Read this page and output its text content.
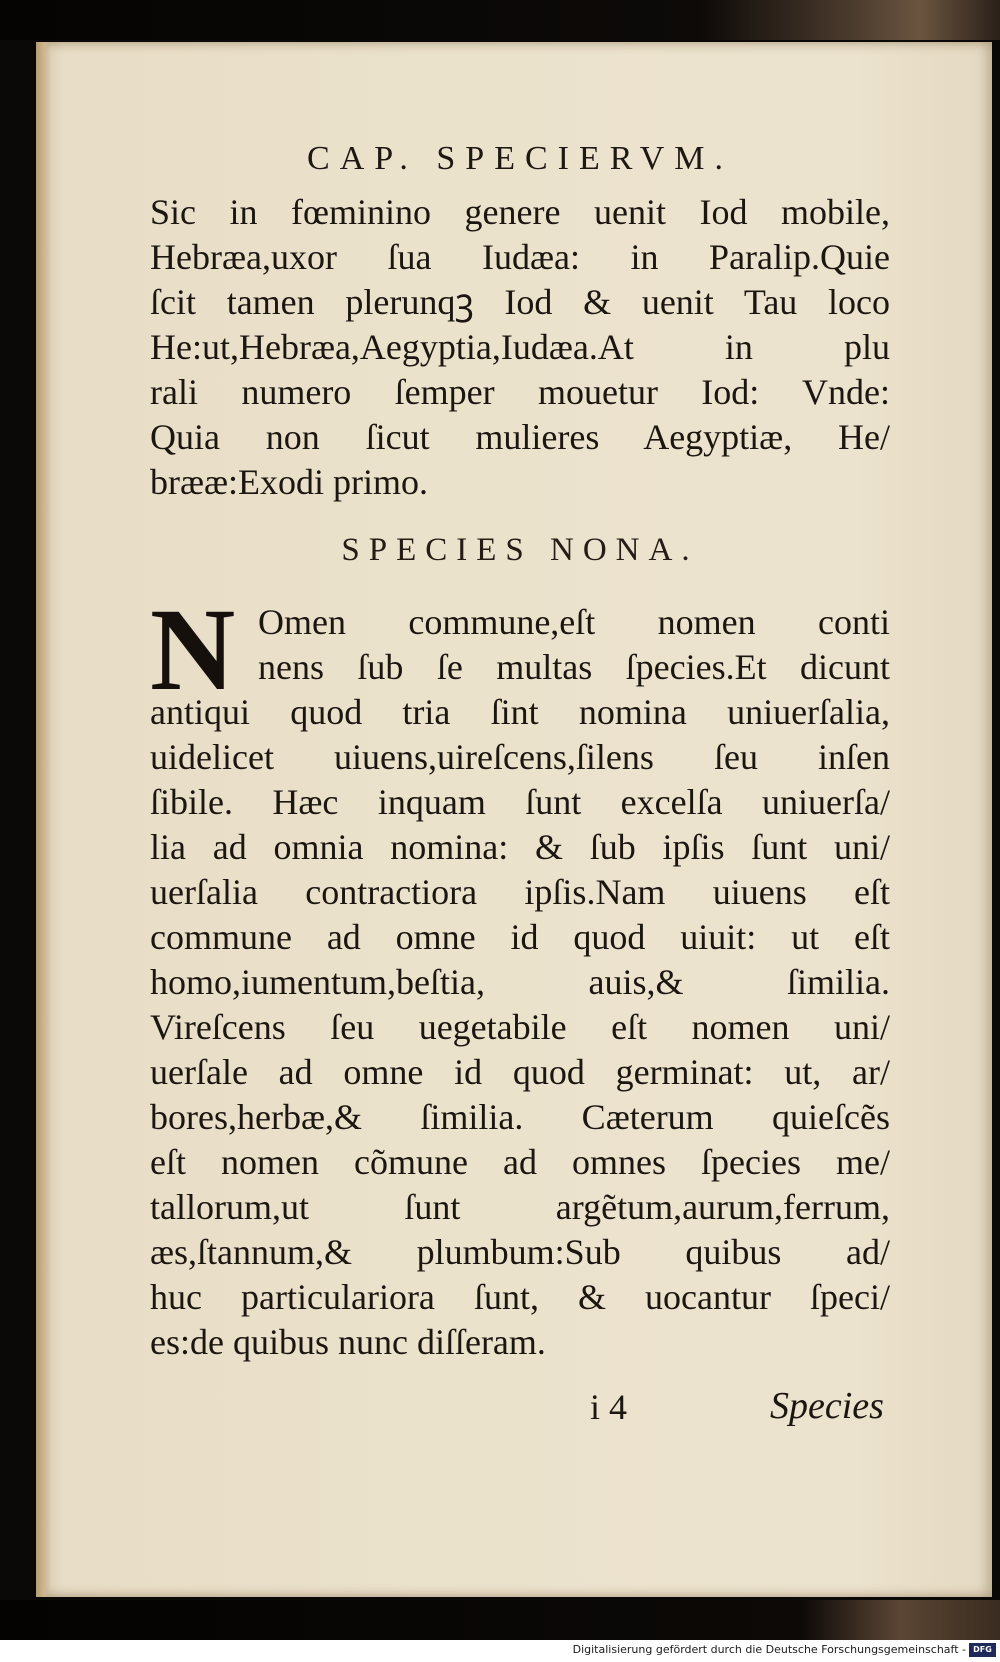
CAP. SPECIERVM.
Sic in fœminino genere uenit Iod mobile,
Hebræa,uxor ſua Iudæa: in Paralip.Quie
ſcit tamen plerunqꝫ Iod & uenit Tau loco
He:ut,Hebræa,Aegyptia,Iudæa.At in plu
rali numero ſemper mouetur Iod: Vnde:
Quia non ſicut mulieres Aegyptiæ, He/
brææ:Exodi primo.
SPECIES NONA.
N Omen commune,eſt nomen conti
nens ſub ſe multas ſpecies.Et dicunt
antiqui quod tria ſint nomina uniuerſalia,
uidelicet uiuens,uireſcens,ſilens ſeu inſen
ſibile. Hæc inquam ſunt excelſa uniuerſa/
lia ad omnia nomina: & ſub ipſis ſunt uni/
uerſalia contractiora ipſis.Nam uiuens eſt
commune ad omne id quod uiuit: ut eſt
homo,iumentum,beſtia, auis,& ſimilia.
Vireſcens ſeu uegetabile eſt nomen uni/
uerſale ad omne id quod germinat: ut, ar/
bores,herbæ,& ſimilia. Cæterum quieſcẽs
eſt nomen cõmune ad omnes ſpecies me/
tallorum,ut ſunt argẽtum,aurum,ferrum,
æs,ſtannum,& plumbum:Sub quibus ad/
huc particulariora ſunt, & uocantur ſpeci/
es:de quibus nunc diſſeram.
i 4	Species
Digitalisierung gefördert durch die Deutsche Forschungsgemeinschaft - DFG
